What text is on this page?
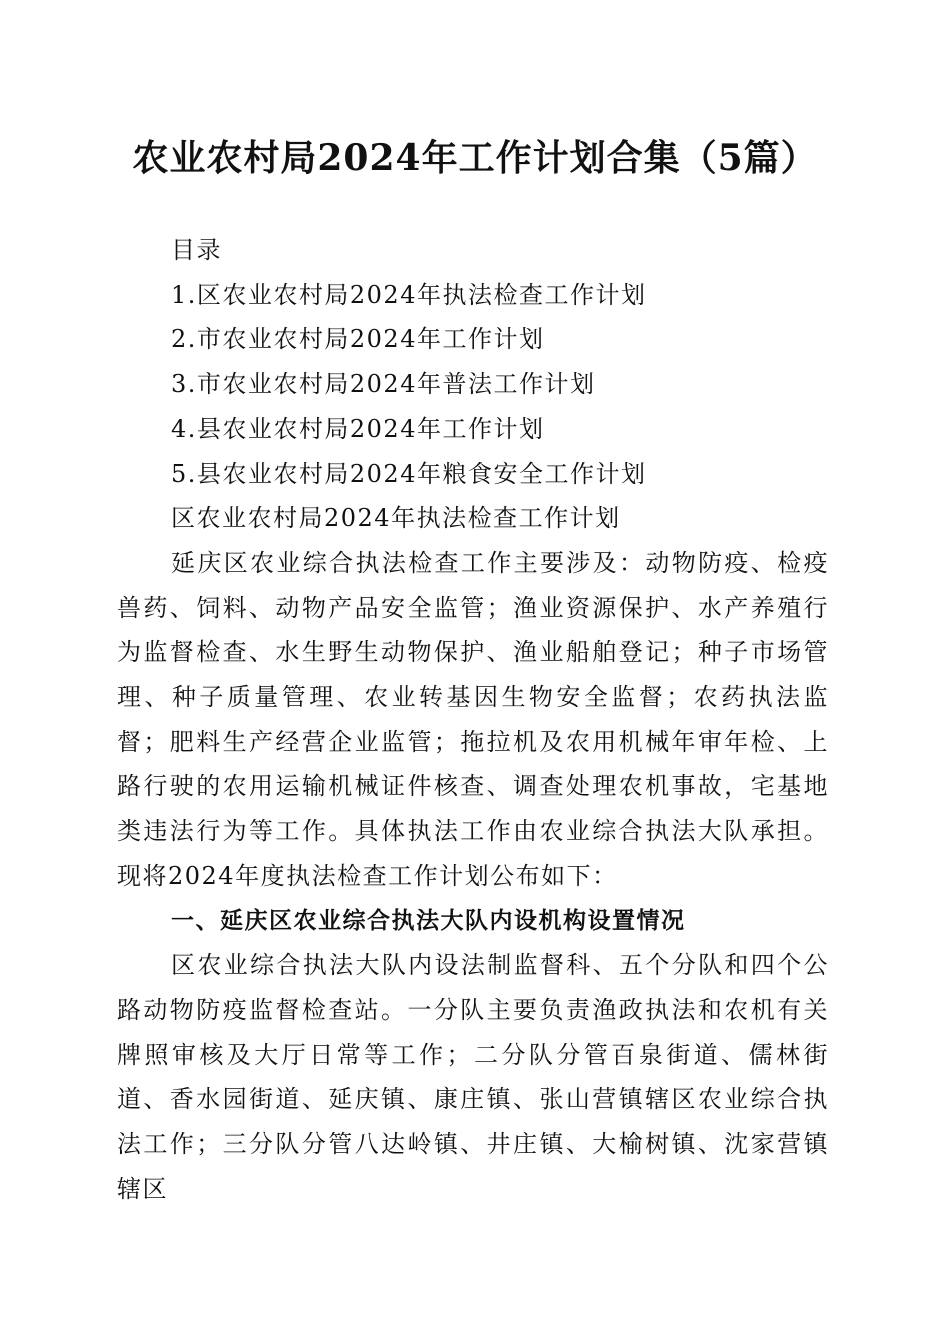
农业农村局2024年工作计划合集（5篇）

目录

1.区农业农村局2024年执法检查工作计划

2.市农业农村局2024年工作计划

3.市农业农村局2024年普法工作计划

4.县农业农村局2024年工作计划

5.县农业农村局2024年粮食安全工作计划

区农业农村局2024年执法检查工作计划

延庆区农业综合执法检查工作主要涉及：动物防疫、检疫兽药、饲料、动物产品安全监管；渔业资源保护、水产养殖行为监督检查、水生野生动物保护、渔业船舶登记；种子市场管理、种子质量管理、农业转基因生物安全监督；农药执法监督；肥料生产经营企业监管；拖拉机及农用机械年审年检、上路行驶的农用运输机械证件核查、调查处理农机事故，宅基地类违法行为等工作。具体执法工作由农业综合执法大队承担。现将2024年度执法检查工作计划公布如下：

一、延庆区农业综合执法大队内设机构设置情况

区农业综合执法大队内设法制监督科、五个分队和四个公路动物防疫监督检查站。一分队主要负责渔政执法和农机有关牌照审核及大厅日常等工作；二分队分管百泉街道、儒林街道、香水园街道、延庆镇、康庄镇、张山营镇辖区农业综合执法工作；三分队分管八达岭镇、井庄镇、大榆树镇、沈家营镇辖区
